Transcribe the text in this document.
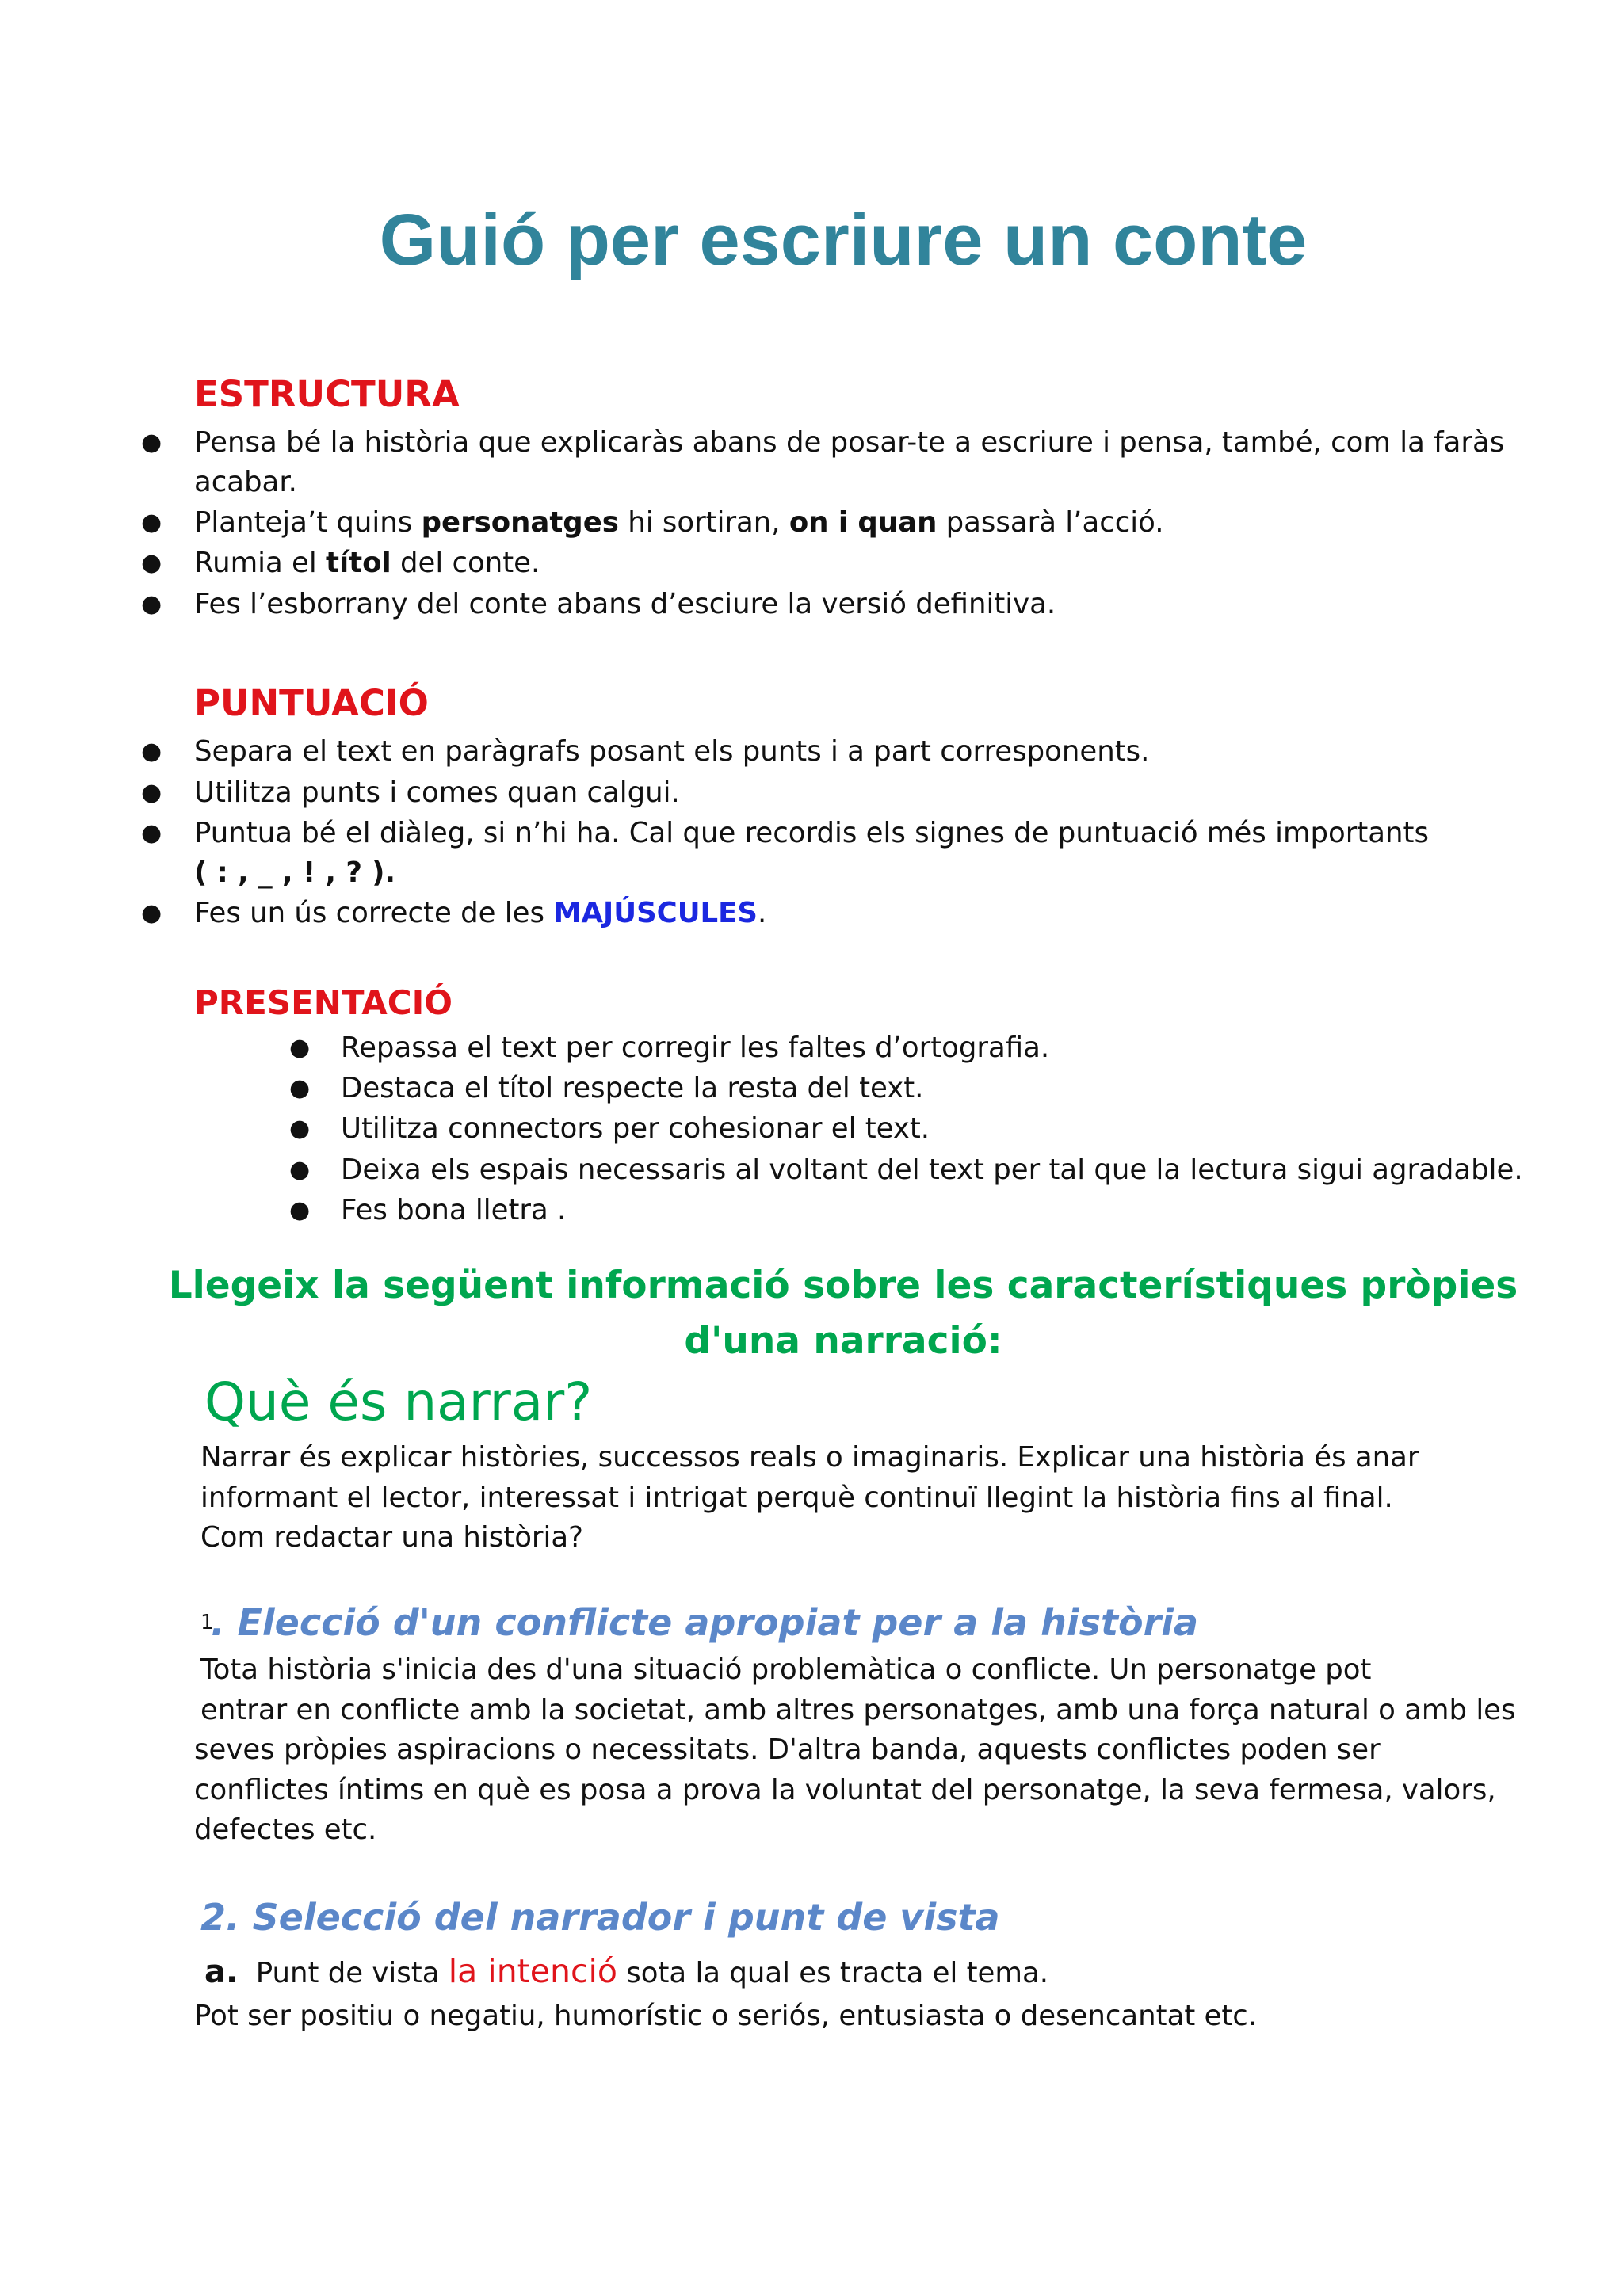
Guió per escriure un conte
ESTRUCTURA
● Pensa bé la història que explicaràs abans de posar-te a escriure i pensa, també, com la faràs
acabar.
● Planteja’t quins personatges hi sortiran, on i quan passarà l’acció.
● Rumia el títol del conte.
● Fes l’esborrany del conte abans d’esciure la versió definitiva.
PUNTUACIÓ
● Separa el text en paràgrafs posant els punts i a part corresponents.
● Utilitza punts i comes quan calgui.
● Puntua bé el diàleg, si n’hi ha. Cal que recordis els signes de puntuació més importants
( : , _ , ! , ? ).
● Fes un ús correcte de les MAJÚSCULES.
PRESENTACIÓ
● Repassa el text per corregir les faltes d’ortografia.
● Destaca el títol respecte la resta del text.
● Utilitza connectors per cohesionar el text.
● Deixa els espais necessaris al voltant del text per tal que la lectura sigui agradable.
● Fes bona lletra .
Llegeix la següent informació sobre les característiques pròpies
d'una narració:
Què és narrar?
Narrar és explicar històries, successos reals o imaginaris. Explicar una història és anar
informant el lector, interessat i intrigat perquè continuï llegint la història fins al final.
Com redactar una història?
1
. Elecció d'un conflicte apropiat per a la història
Tota història s'inicia des d'una situació problemàtica o conflicte. Un personatge pot
entrar en conflicte amb la societat, amb altres personatges, amb una força natural o amb les
seves pròpies aspiracions o necessitats. D'altra banda, aquests conflictes poden ser
conflictes íntims en què es posa a prova la voluntat del personatge, la seva fermesa, valors,
defectes etc.
2. Selecció del narrador i punt de vista
a. Punt de vista la intenció sota la qual es tracta el tema.
Pot ser positiu o negatiu, humorístic o seriós, entusiasta o desencantat etc.
